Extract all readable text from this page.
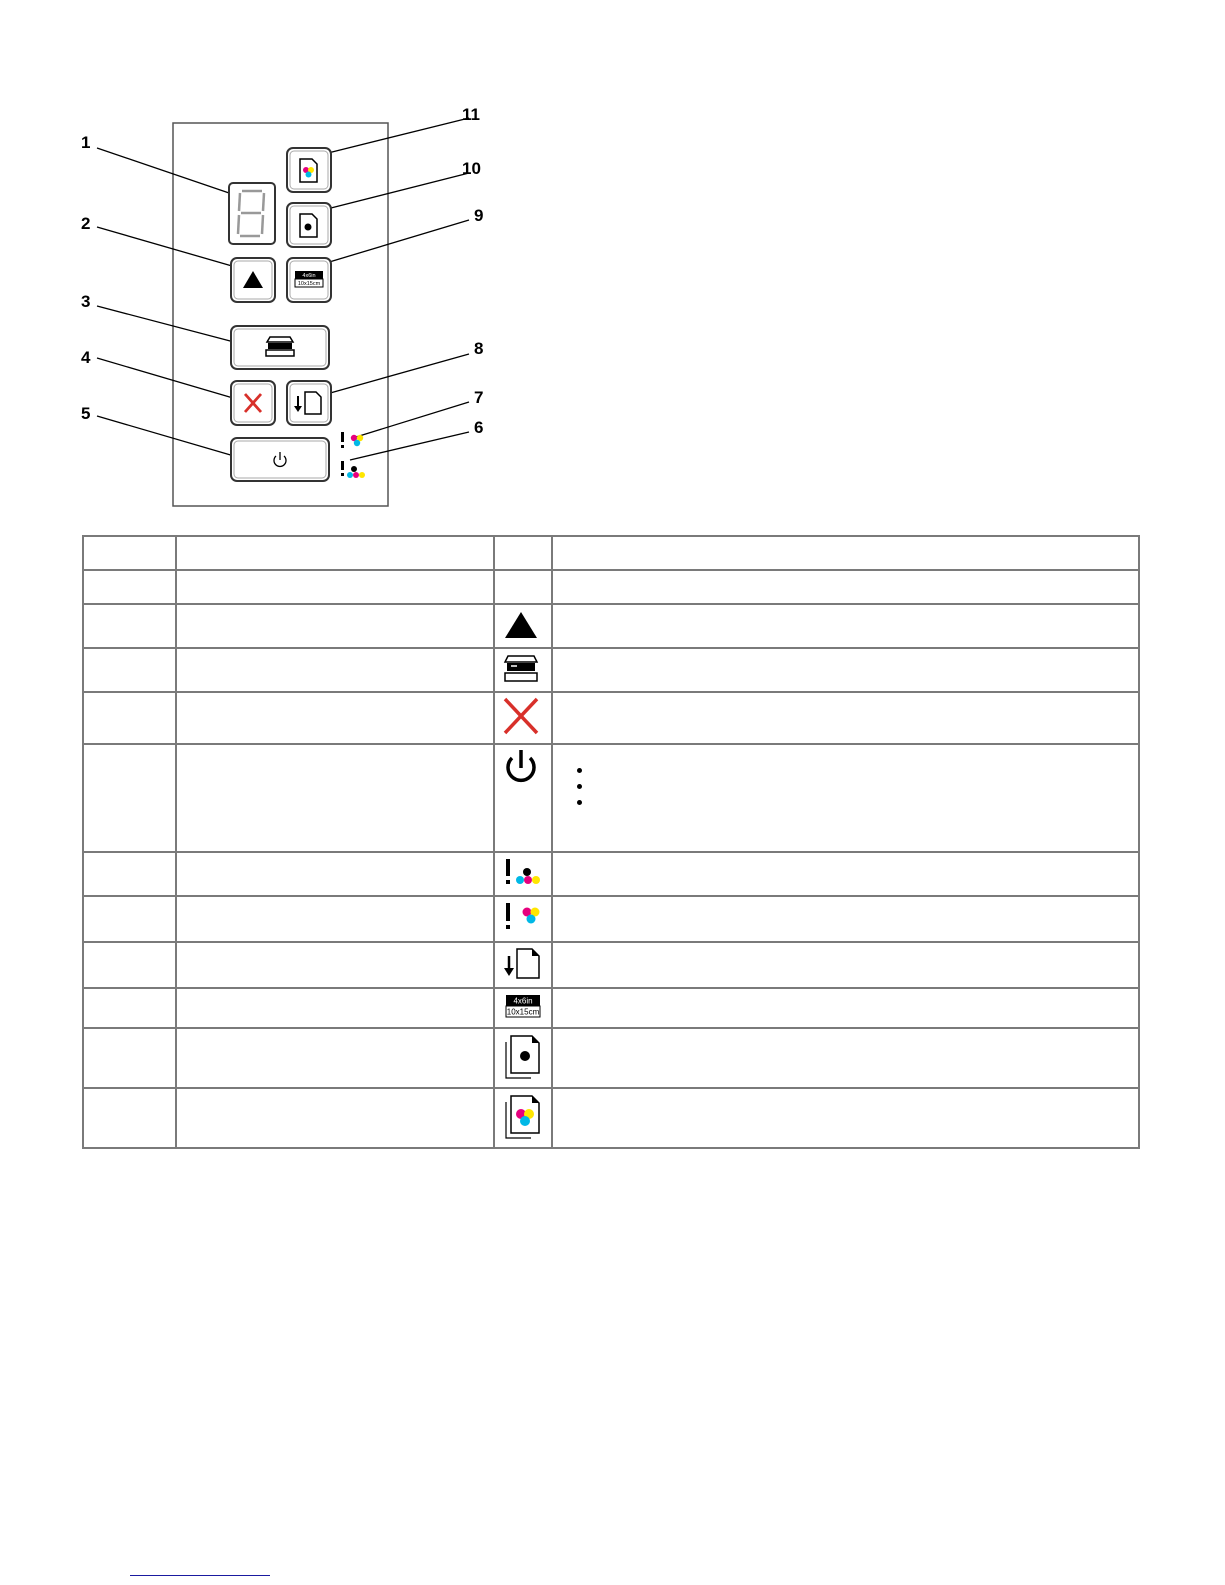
1
2
3
4
5
6
7
8
9
10
11
4x6in
10x15cm

4x6in
10x15cm	
